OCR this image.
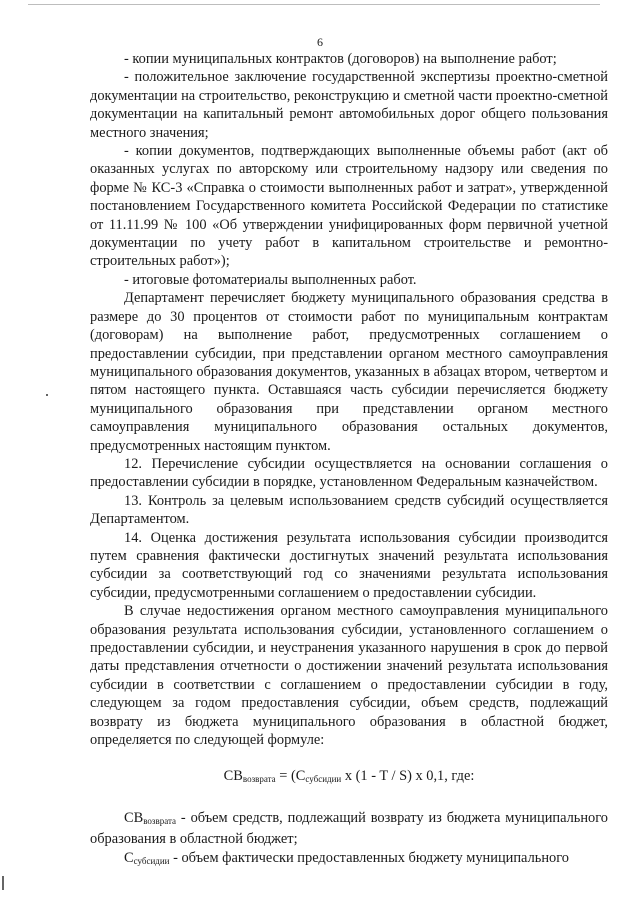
6

- копии муниципальных контрактов (договоров) на выполнение работ;

- положительное заключение государственной экспертизы проектно-сметной документации на строительство, реконструкцию и сметной части проектно-сметной документации на капитальный ремонт автомобильных дорог общего пользования местного значения;

- копии документов, подтверждающих выполненные объемы работ (акт об оказанных услугах по авторскому или строительному надзору или сведения по форме № КС-3 «Справка о стоимости выполненных работ и затрат», утвержденной постановлением Государственного комитета Российской Федерации по статистике от 11.11.99 № 100 «Об утверждении унифицированных форм первичной учетной документации по учету работ в капитальном строительстве и ремонтно-строительных работ»);

- итоговые фотоматериалы выполненных работ.

Департамент перечисляет бюджету муниципального образования средства в размере до 30 процентов от стоимости работ по муниципальным контрактам (договорам) на выполнение работ, предусмотренных соглашением о предоставлении субсидии, при представлении органом местного самоуправления муниципального образования документов, указанных в абзацах втором, четвертом и пятом настоящего пункта. Оставшаяся часть субсидии перечисляется бюджету муниципального образования при представлении органом местного самоуправления муниципального образования остальных документов, предусмотренных настоящим пунктом.

12. Перечисление субсидии осуществляется на основании соглашения о предоставлении субсидии в порядке, установленном Федеральным казначейством.

13. Контроль за целевым использованием средств субсидий осуществляется Департаментом.

14. Оценка достижения результата использования субсидии производится путем сравнения фактически достигнутых значений результата использования субсидии за соответствующий год со значениями результата использования субсидии, предусмотренными соглашением о предоставлении субсидии.

В случае недостижения органом местного самоуправления муниципального образования результата использования субсидии, установленного соглашением о предоставлении субсидии, и неустранения указанного нарушения в срок до первой даты представления отчетности о достижении значений результата использования субсидии в соответствии с соглашением о предоставлении субсидии в году, следующем за годом предоставления субсидии, объем средств, подлежащий возврату из бюджета муниципального образования в областной бюджет, определяется по следующей формуле:

$CB_{возврата} = (C_{субсидии}$ x (1 - T / S) x 0,1, где:

$CB_{возврата}$ - объем средств, подлежащий возврату из бюджета муниципального образования в областной бюджет;

$C_{субсидии}$ - объем фактически предоставленных бюджету муниципального
